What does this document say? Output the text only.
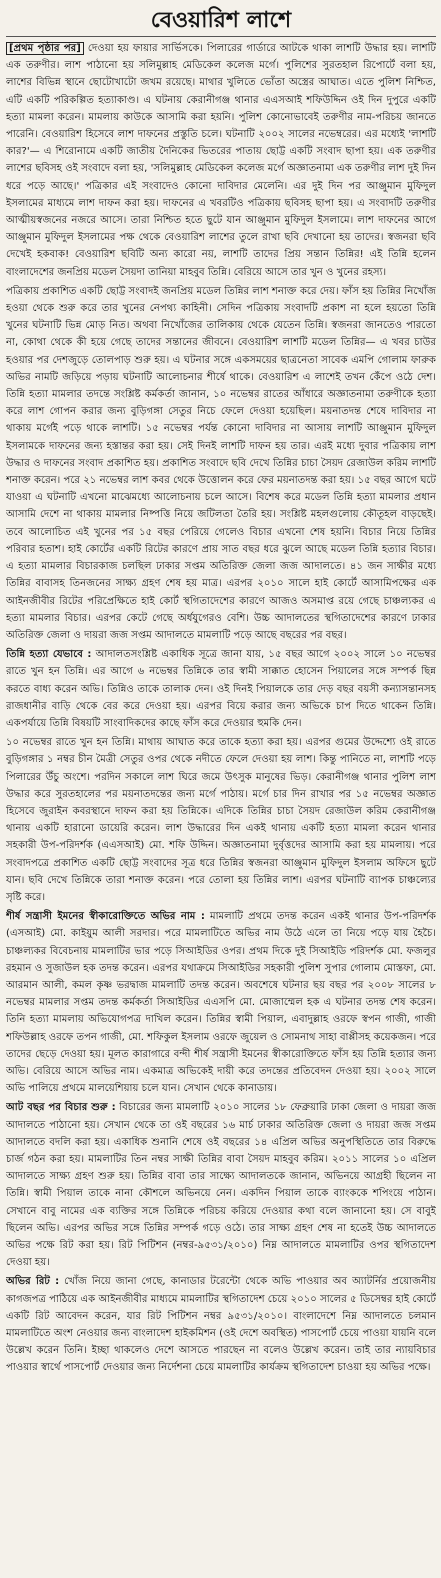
বেওয়ারিশ লাশে

[প্রথম পৃষ্ঠার পর] দেওয়া হয় ফায়ার সার্ভিসকে। পিলারের গার্ডারে আটকে থাকা লাশটি উদ্ধার হয়। লাশটি এক তরুণীর। লাশ পাঠানো হয় সলিমুল্লাহ মেডিকেল কলেজ মর্গে। পুলিশের সুরতহাল রিপোর্টে বলা হয়, লাশের বিভিন্ন স্থানে ছোটোখাটো জখম রয়েছে। মাথার খুলিতে ভোঁতা অস্ত্রের আঘাত। এতে পুলিশ নিশ্চিত, এটি একটি পরিকল্পিত হত্যাকাণ্ড। এ ঘটনায় কেরানীগঞ্জ থানার এএসআই শফিউদ্দিন ওই দিন দুপুরে একটি হত্যা মামলা করেন। মামলায় কাউকে আসামি করা হয়নি। পুলিশ কোনোভাবেই তরুণীর নাম-পরিচয় জানতে পারেনি। বেওয়ারিশ হিসেবে লাশ দাফনের প্রস্তুতি চলে। ঘটনাটি ২০০২ সালের নভেম্বরের। এর মধ্যেই 'লাশটি কার?'— এ শিরোনামে একটি জাতীয় দৈনিকের ভিতরের পাতায় ছোট্ট একটি সংবাদ ছাপা হয়। এক তরুণীর লাশের ছবিসহ ওই সংবাদে বলা হয়, 'সলিমুল্লাহ মেডিকেল কলেজ মর্গে অজ্ঞাতনামা এক তরুণীর লাশ দুই দিন ধরে পড়ে আছে।' পত্রিকার এই সংবাদেও কোনো দাবিদার মেলেনি। এর দুই দিন পর আঞ্জুমান মুফিদুল ইসলামের মাধ্যমে লাশ দাফন করা হয়। দাফনের এ খবরটিও পত্রিকায় ছবিসহ ছাপা হয়। এ সংবাদটি তরুণীর আত্মীয়স্বজনের নজরে আসে। তারা নিশ্চিত হতে ছুটে যান আঞ্জুমান মুফিদুল ইসলামে। লাশ দাফনের আগে আঞ্জুমান মুফিদুল ইসলামের পক্ষ থেকে বেওয়ারিশ লাশের তুলে রাখা ছবি দেখানো হয় তাদের। স্বজনরা ছবি দেখেই হকবাক! বেওয়ারিশ ছবিটি অন্য কারো নয়, লাশটি তাদের প্রিয় সন্তান তিন্নির! এই তিন্নি হলেন বাংলাদেশের জনপ্রিয় মডেল সৈয়দা তানিয়া মাহবুব তিন্নি। বেরিয়ে আসে তার খুন ও খুনের রহস্য।

পত্রিকায় প্রকাশিত একটি ছোট্ট সংবাদই জনপ্রিয় মডেল তিন্নির লাশ শনাক্ত করে দেয়। ফাঁস হয় তিন্নির নিখোঁজ হওয়া থেকে শুরু করে তার খুনের নেপথ্য কাহিনী। সেদিন পত্রিকায় সংবাদটি প্রকাশ না হলে হয়তো তিন্নি খুনের ঘটনাটি ভিন্ন মোড় নিত। অথবা নিখোঁজের তালিকায় থেকে যেতেন তিন্নি। স্বজনরা জানতেও পারতো না, কোথা থেকে কী হয়ে গেছে তাদের সন্তানের জীবনে। বেওয়ারিশ লাশটি মডেল তিন্নির— এ খবর চাউর হওয়ার পর দেশজুড়ে তোলপাড় শুরু হয়। এ ঘটনার সঙ্গে একসময়ের ছাত্রনেতা সাবেক এমপি গোলাম ফারুক অভির নামটি জড়িয়ে পড়ায় ঘটনাটি আলোচনার শীর্ষে থাকে। বেওয়ারিশ এ লাশেই তখন কেঁপে ওঠে দেশ। তিন্নি হত্যা মামলার তদন্তে সংশ্লিষ্ট কর্মকর্তা জানান, ১০ নভেম্বর রাতের আঁধারে অজ্ঞাতনামা তরুণীকে হত্যা করে লাশ গোপন করার জন্য বুড়িগঙ্গা সেতুর নিচে ফেলে দেওয়া হয়েছিল। ময়নাতদন্ত শেষে দাবিদার না থাকায় মর্গেই পড়ে থাকে লাশটি। ১৫ নভেম্বর পর্যন্ত কোনো দাবিদার না আসায় লাশটি আঞ্জুমান মুফিদুল ইসলামকে দাফনের জন্য হস্তান্তর করা হয়। সেই দিনই লাশটি দাফন হয় তার। এরই মধ্যে দুবার পত্রিকায় লাশ উদ্ধার ও দাফনের সংবাদ প্রকাশিত হয়। প্রকাশিত সংবাদে ছবি দেখে তিন্নির চাচা সৈয়দ রেজাউল করিম লাশটি শনাক্ত করেন। পরে ২১ নভেম্বর লাশ কবর থেকে উত্তোলন করে ফের ময়নাতদন্ত করা হয়। ১৫ বছর আগে ঘটে যাওয়া এ ঘটনাটি এখনো মাঝেমধ্যে আলোচনায় চলে আসে। বিশেষ করে মডেল তিন্নি হত্যা মামলার প্রধান আসামি দেশে না থাকায় মামলার নিষ্পত্তি নিয়ে জটিলতা তৈরি হয়। সংশ্লিষ্ট মহলগুলোয় কৌতূহল বাড়ছেই। তবে আলোচিত এই খুনের পর ১৫ বছর পেরিয়ে গেলেও বিচার এখনো শেষ হয়নি। বিচার নিয়ে তিন্নির পরিবার হতাশ। হাই কোর্টের একটি রিটের কারণে প্রায় সাত বছর ধরে ঝুলে আছে মডেল তিন্নি হত্যার বিচার। এ হত্যা মামলার বিচারকাজ চলছিল ঢাকার সপ্তম অতিরিক্ত জেলা জজ আদালতে। ৪১ জন সাক্ষীর মধ্যে তিন্নির বাবাসহ তিনজনের সাক্ষ্য গ্রহণ শেষ হয় মাত্র। এরপর ২০১০ সালে হাই কোর্টে আসামিপক্ষের এক আইনজীবীর রিটের পরিপ্রেক্ষিতে হাই কোর্ট স্থগিতাদেশের কারণে আজও অসমাপ্ত রয়ে গেছে চাঞ্চল্যকর এ হত্যা মামলার বিচার। এরপর কেটে গেছে অর্ধযুগেরও বেশি। উচ্চ আদালতের স্থগিতাদেশের কারণে ঢাকার অতিরিক্ত জেলা ও দায়রা জজ সপ্তম আদালতে মামলাটি পড়ে আছে বছরের পর বছর।

তিন্নি হত্যা যেভাবে : আদালতসংশ্লিষ্ট একাধিক সূত্রে জানা যায়, ১৫ বছর আগে ২০০২ সালে ১০ নভেম্বর রাতে খুন হন তিন্নি। এর আগে ৬ নভেম্বর তিন্নিকে তার স্বামী সাক্কাত হোসেন পিয়ালের সঙ্গে সম্পর্ক ছিন্ন করতে বাধ্য করেন অভি। তিন্নিও তাকে তালাক দেন। ওই দিনই পিয়ালকে তার দেড় বছর বয়সী কন্যাসন্তানসহ রাজধানীর বাড়ি থেকে বের করে দেওয়া হয়। এরপর বিয়ে করার জন্য অভিকে চাপ দিতে থাকেন তিন্নি। একপর্যায়ে তিন্নি বিষয়টি সাংবাদিকদের কাছে ফাঁস করে দেওয়ার হুমকি দেন।

১০ নভেম্বর রাতে খুন হন তিন্নি। মাথায় আঘাত করে তাকে হত্যা করা হয়। এরপর গুমের উদ্দেশ্যে ওই রাতে বুড়িগঙ্গার ১ নম্বর চীন মৈত্রী সেতুর ওপর থেকে নদীতে ফেলে দেওয়া হয় লাশ। কিন্তু পানিতে না, লাশটি পড়ে পিলারের উঁচু অংশে। পরদিন সকালে লাশ ঘিরে জমে উৎসুক মানুষের ভিড়। কেরানীগঞ্জ থানার পুলিশ লাশ উদ্ধার করে সুরতহালের পর ময়নাতদন্তের জন্য মর্গে পাঠায়। মর্গে চার দিন রাখার পর ১৫ নভেম্বর অজ্ঞাত হিসেবে জুরাইন কবরস্থানে দাফন করা হয় তিন্নিকে। এদিকে তিন্নির চাচা সৈয়দ রেজাউল করিম কেরানীগঞ্জ থানায় একটি হারানো ডায়েরি করেন। লাশ উদ্ধারের দিন একই থানায় একটি হত্যা মামলা করেন থানার সহকারী উপ-পরিদর্শক (এএসআই) মো. শফি উদ্দিন। অজ্ঞাতনামা দুর্বৃত্তদের আসামি করা হয় মামলায়। পরে সংবাদপত্রে প্রকাশিত একটি ছোট্ট সংবাদের সূত্র ধরে তিন্নির স্বজনরা আঞ্জুমান মুফিদুল ইসলাম অফিসে ছুটে যান। ছবি দেখে তিন্নিকে তারা শনাক্ত করেন। পরে তোলা হয় তিন্নির লাশ। এরপর ঘটনাটি ব্যাপক চাঞ্চল্যের সৃষ্টি করে।

শীর্ষ সন্ত্রাসী ইমনের স্বীকারোক্তিতে অভির নাম : মামলাটি প্রথমে তদন্ত করেন একই থানার উপ-পরিদর্শক (এসআই) মো. কাইয়ুম আলী সরদার। পরে মামলাটিতে অভির নাম উঠে এলে তা নিয়ে পড়ে যায় হৈচৈ। চাঞ্চল্যকর বিবেচনায় মামলাটির ভার পড়ে সিআইডির ওপর। প্রথম দিকে দুই সিআইডি পরিদর্শক মো. ফজলুর রহমান ও সুজাউল হক তদন্ত করেন। এরপর যথাক্রমে সিআইডির সহকারী পুলিশ সুপার গোলাম মোস্তফা, মো. আরমান আলী, কমল কৃষ্ণ ভরদ্বাজ মামলাটি তদন্ত করেন। অবশেষে ঘটনার ছয় বছর পর ২০০৮ সালের ৮ নভেম্বর মামলার সপ্তম তদন্ত কর্মকর্তা সিআইডির এএসপি মো. মোজাম্মেল হক এ ঘটনার তদন্ত শেষ করেন। তিনি হত্যা মামলায় অভিযোগপত্র দাখিল করেন। তিন্নির স্বামী পিয়াল, এবাদুল্লাহ ওরফে স্বপন গাজী, গাজী শফিউল্লাহ ওরফে তপন গাজী, মো. শফিকুল ইসলাম ওরফে জুয়েল ও সোমনাথ সাহা বাপ্পীসহ কয়েকজন। পরে তাদের ছেড়ে দেওয়া হয়। মূলত কারাগারে বন্দী শীর্ষ সন্ত্রাসী ইমনের স্বীকারোক্তিতে ফাঁস হয় তিন্নি হত্যার জন্য অভি। বেরিয়ে আসে অভির নাম। একমাত্র অভিকেই দায়ী করে তদন্তের প্রতিবেদন দেওয়া হয়। ২০০২ সালে অভি পালিয়ে প্রথমে মালয়েশিয়ায় চলে যান। সেখান থেকে কানাডায়।

আট বছর পর বিচার শুরু : বিচারের জন্য মামলাটি ২০১০ সালের ১৮ ফেব্রুয়ারি ঢাকা জেলা ও দায়রা জজ আদালতে পাঠানো হয়। সেখান থেকে তা ওই বছরের ১৬ মার্চ ঢাকার অতিরিক্ত জেলা ও দায়রা জজ সপ্তম আদালতে বদলি করা হয়। একাধিক শুনানি শেষে ওই বছরের ১৪ এপ্রিল অভির অনুপস্থিতিতে তার বিরুদ্ধে চার্জ গঠন করা হয়। মামলাটির তিন নম্বর সাক্ষী তিন্নির বাবা সৈয়দ মাহবুব করিম। ২০১১ সালের ১০ এপ্রিল আদালতে সাক্ষ্য গ্রহণ শুরু হয়। তিন্নির বাবা তার সাক্ষ্যে আদালতকে জানান, অভিনয়ে আগ্রহী ছিলেন না তিন্নি। স্বামী পিয়াল তাকে নানা কৌশলে অভিনয়ে নেন। একদিন পিয়াল তাকে ব্যাংককে শপিংয়ে পাঠান। সেখানে বাবু নামের এক ব্যক্তির সঙ্গে তিন্নিকে পরিচয় করিয়ে দেওয়ার কথা বলে জানানো হয়। সে বাবুই ছিলেন অভি। এরপর অভির সঙ্গে তিন্নির সম্পর্ক গড়ে ওঠে। তার সাক্ষ্য গ্রহণ শেষ না হতেই উচ্চ আদালতে অভির পক্ষে রিট করা হয়। রিট পিটিশন (নম্বর-৯৫৩১/২০১০) নিম্ন আদালতে মামলাটির ওপর স্থগিতাদেশ দেওয়া হয়।

অভির রিট : খোঁজ নিয়ে জানা গেছে, কানাডার টরেন্টো থেকে অভি পাওয়ার অব অ্যাটর্নির প্রয়োজনীয় কাগজপত্র পাঠিয়ে এক আইনজীবীর মাধ্যমে মামলাটির স্থগিতাদেশ চেয়ে ২০১০ সালের ৫ ডিসেম্বর হাই কোর্টে একটি রিট আবেদন করেন, যার রিট পিটিশন নম্বর ৯৫৩১/২০১০। বাংলাদেশে নিম্ন আদালতে চলমান মামলাটিতে অংশ নেওয়ার জন্য বাংলাদেশ হাইকমিশন (ওই দেশে অবস্থিত) পাসপোর্ট চেয়ে পাওয়া যায়নি বলে উল্লেখ করেন তিনি। ইচ্ছা থাকলেও দেশে আসতে পারছেন না বলেও উল্লেখ করেন। তাই তার ন্যায়বিচার পাওয়ার স্বার্থে পাসপোর্ট দেওয়ার জন্য নির্দেশনা চেয়ে মামলাটির কার্যক্রম স্থগিতাদেশ চাওয়া হয় অভির পক্ষে।
